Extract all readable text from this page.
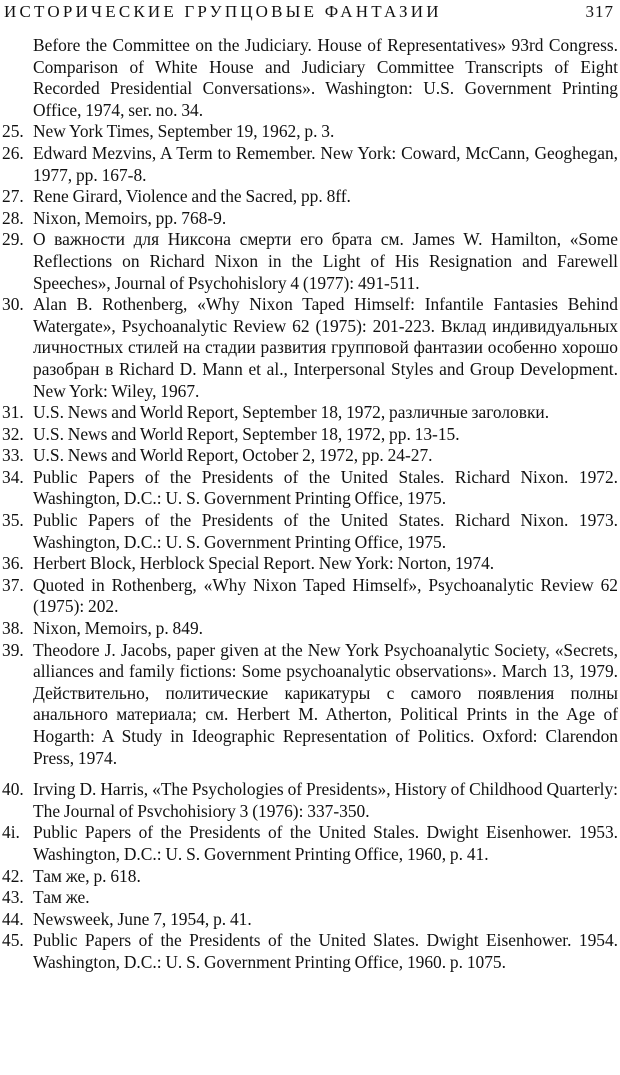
ИСТОРИЧЕСКИЕ ГРУПЦОВЫЕ ФАНТАЗИИ	317
Before the Committee on the Judiciary. House of Representatives» 93rd Congress. Comparison of White House and Judiciary Committee Transcripts of Eight Recorded Presidential Conversations». Washington: U.S. Government Printing Office, 1974, ser. no. 34.
25. New York Times, September 19, 1962, p. 3.
26. Edward Mezvins, A Term to Remember. New York: Coward, McCann, Geoghegan, 1977, pp. 167-8.
27. Rene Girard, Violence and the Sacred, pp. 8ff.
28. Nixon, Memoirs, pp. 768-9.
29. О важности для Никсона смерти его брата см. James W. Hamilton, «Some Reflections on Richard Nixon in the Light of His Resignation and Farewell Speeches», Journal of Psychohislory 4 (1977): 491-511.
30. Alan B. Rothenberg, «Why Nixon Taped Himself: Infantile Fantasies Behind Watergate», Psychoanalytic Review 62 (1975): 201-223. Вклад индивидуальных личностных стилей на стадии развития групповой фантазии особенно хорошо разобран в Richard D. Mann et al., Interpersonal Styles and Group Development. New York: Wiley, 1967.
31. U.S. News and World Report, September 18, 1972, различные заголовки.
32. U.S. News and World Report, September 18, 1972, pp. 13-15.
33. U.S. News and World Report, October 2, 1972, pp. 24-27.
34. Public Papers of the Presidents of the United Stales. Richard Nixon. 1972. Washington, D.C.: U. S. Government Printing Office, 1975.
35. Public Papers of the Presidents of the United States. Richard Nixon. 1973. Washington, D.C.: U. S. Government Printing Office, 1975.
36. Herbert Block, Herblock Special Report. New York: Norton, 1974.
37. Quoted in Rothenberg, «Why Nixon Taped Himself», Psychoanalytic Review 62 (1975): 202.
38. Nixon, Memoirs, p. 849.
39. Theodore J. Jacobs, paper given at the New York Psychoanalytic Society, «Secrets, alliances and family fictions: Some psychoanalytic observations». March 13, 1979. Действительно, политические карикатуры с самого появления полны анального материала; см. Herbert M. Atherton, Political Prints in the Age of Hogarth: A Study in Ideographic Representation of Politics. Oxford: Clarendon Press, 1974.
40. Irving D. Harris, «The Psychologies of Presidents», History of Childhood Quarterly: The Journal of Psvchohisiory 3 (1976): 337-350.
4i. Public Papers of the Presidents of the United Stales. Dwight Eisenhower. 1953. Washington, D.C.: U. S. Government Printing Office, 1960, p. 41.
42. Там же, p. 618.
43. Там же.
44. Newsweek, June 7, 1954, p. 41.
45. Public Papers of the Presidents of the United Slates. Dwight Eisenhower. 1954. Washington, D.C.: U. S. Government Printing Office, 1960. p. 1075.
